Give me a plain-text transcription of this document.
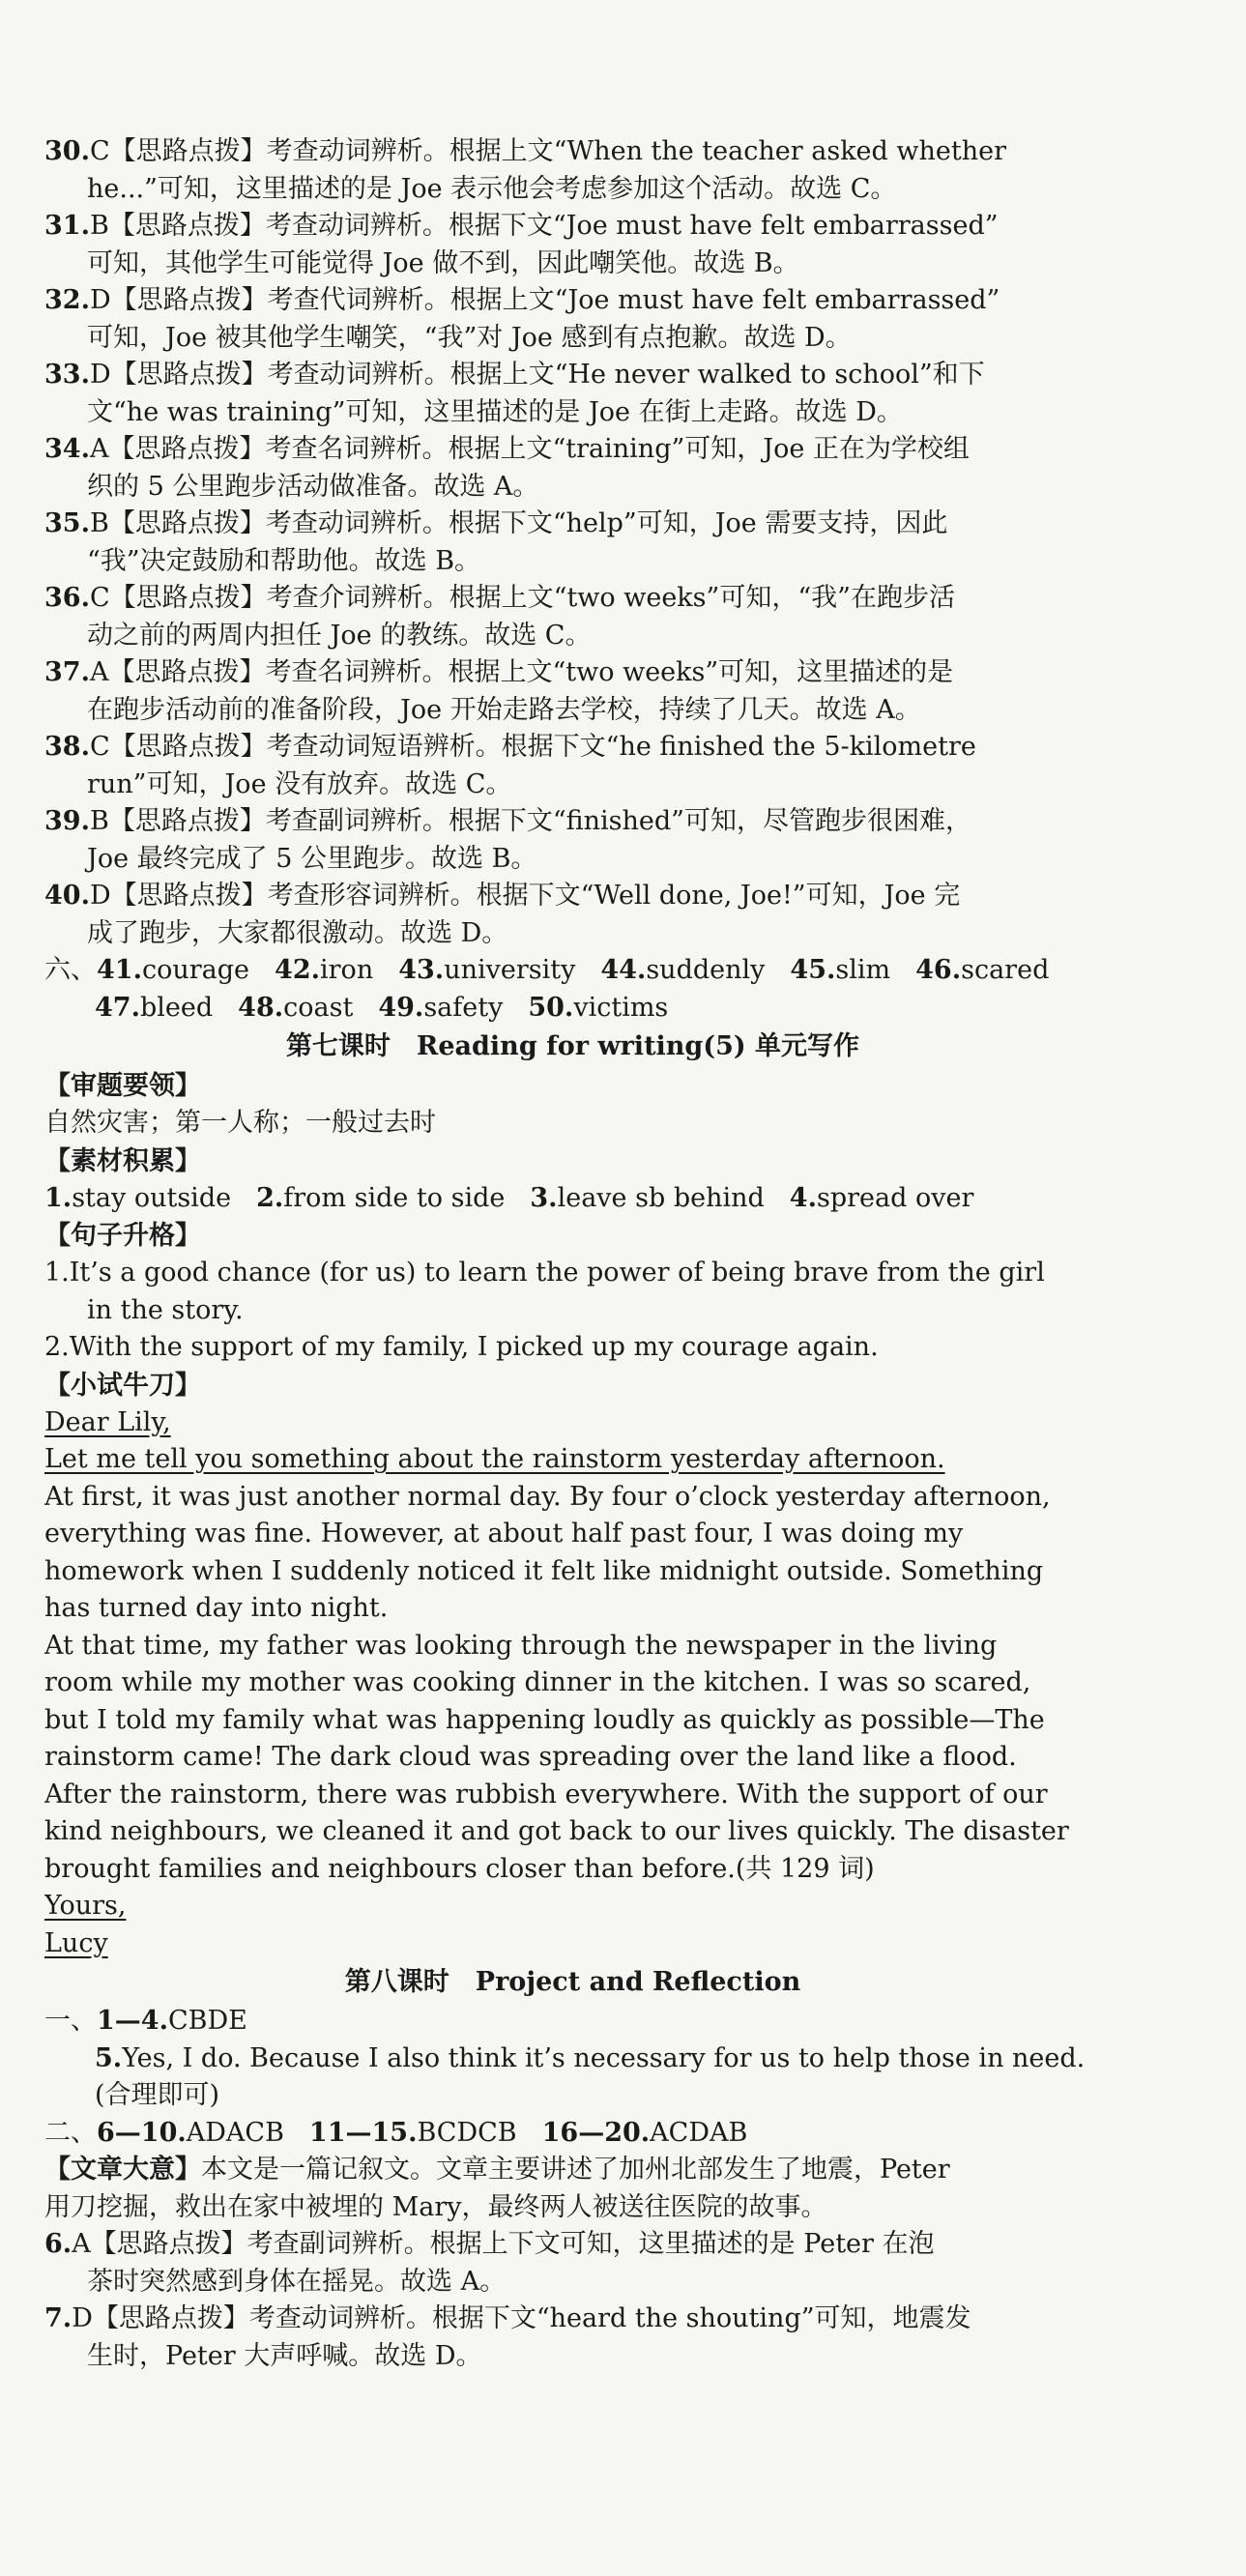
30.C【思路点拨】考查动词辨析。根据上文“When the teacher asked whether
he...”可知，这里描述的是 Joe 表示他会考虑参加这个活动。故选 C。
31.B【思路点拨】考查动词辨析。根据下文“Joe must have felt embarrassed”
可知，其他学生可能觉得 Joe 做不到，因此嘲笑他。故选 B。
32.D【思路点拨】考查代词辨析。根据上文“Joe must have felt embarrassed”
可知，Joe 被其他学生嘲笑，“我”对 Joe 感到有点抱歉。故选 D。
33.D【思路点拨】考查动词辨析。根据上文“He never walked to school”和下
文“he was training”可知，这里描述的是 Joe 在街上走路。故选 D。
34.A【思路点拨】考查名词辨析。根据上文“training”可知，Joe 正在为学校组
织的 5 公里跑步活动做准备。故选 A。
35.B【思路点拨】考查动词辨析。根据下文“help”可知，Joe 需要支持，因此
“我”决定鼓励和帮助他。故选 B。
36.C【思路点拨】考查介词辨析。根据上文“two weeks”可知，“我”在跑步活
动之前的两周内担任 Joe 的教练。故选 C。
37.A【思路点拨】考查名词辨析。根据上文“two weeks”可知，这里描述的是
在跑步活动前的准备阶段，Joe 开始走路去学校，持续了几天。故选 A。
38.C【思路点拨】考查动词短语辨析。根据下文“he finished the 5-kilometre
run”可知，Joe 没有放弃。故选 C。
39.B【思路点拨】考查副词辨析。根据下文“finished”可知，尽管跑步很困难，
Joe 最终完成了 5 公里跑步。故选 B。
40.D【思路点拨】考查形容词辨析。根据下文“Well done, Joe!”可知，Joe 完
成了跑步，大家都很激动。故选 D。
六、41.courage 42.iron 43.university 44.suddenly 45.slim 46.scared
47.bleed 48.coast 49.safety 50.victims
第七课时　Reading for writing(5) 单元写作
【审题要领】
自然灾害；第一人称；一般过去时
【素材积累】
1.stay outside 2.from side to side 3.leave sb behind 4.spread over
【句子升格】
1.It’s a good chance (for us) to learn the power of being brave from the girl
in the story.
2.With the support of my family, I picked up my courage again.
【小试牛刀】
Dear Lily,
Let me tell you something about the rainstorm yesterday afternoon.
At first, it was just another normal day. By four o’clock yesterday afternoon,
everything was fine. However, at about half past four, I was doing my
homework when I suddenly noticed it felt like midnight outside. Something
has turned day into night.
At that time, my father was looking through the newspaper in the living
room while my mother was cooking dinner in the kitchen. I was so scared,
but I told my family what was happening loudly as quickly as possible—The
rainstorm came! The dark cloud was spreading over the land like a flood.
After the rainstorm, there was rubbish everywhere. With the support of our
kind neighbours, we cleaned it and got back to our lives quickly. The disaster
brought families and neighbours closer than before.(共 129 词)
Yours,
Lucy
第八课时　Project and Reflection
一、1—4.CBDE
5.Yes, I do. Because I also think it’s necessary for us to help those in need.
(合理即可)
二、6—10.ADACB 11—15.BCDCB 16—20.ACDAB
【文章大意】本文是一篇记叙文。文章主要讲述了加州北部发生了地震，Peter
用刀挖掘，救出在家中被埋的 Mary，最终两人被送往医院的故事。
6.A【思路点拨】考查副词辨析。根据上下文可知，这里描述的是 Peter 在泡
茶时突然感到身体在摇晃。故选 A。
7.D【思路点拨】考查动词辨析。根据下文“heard the shouting”可知，地震发
生时，Peter 大声呼喊。故选 D。
